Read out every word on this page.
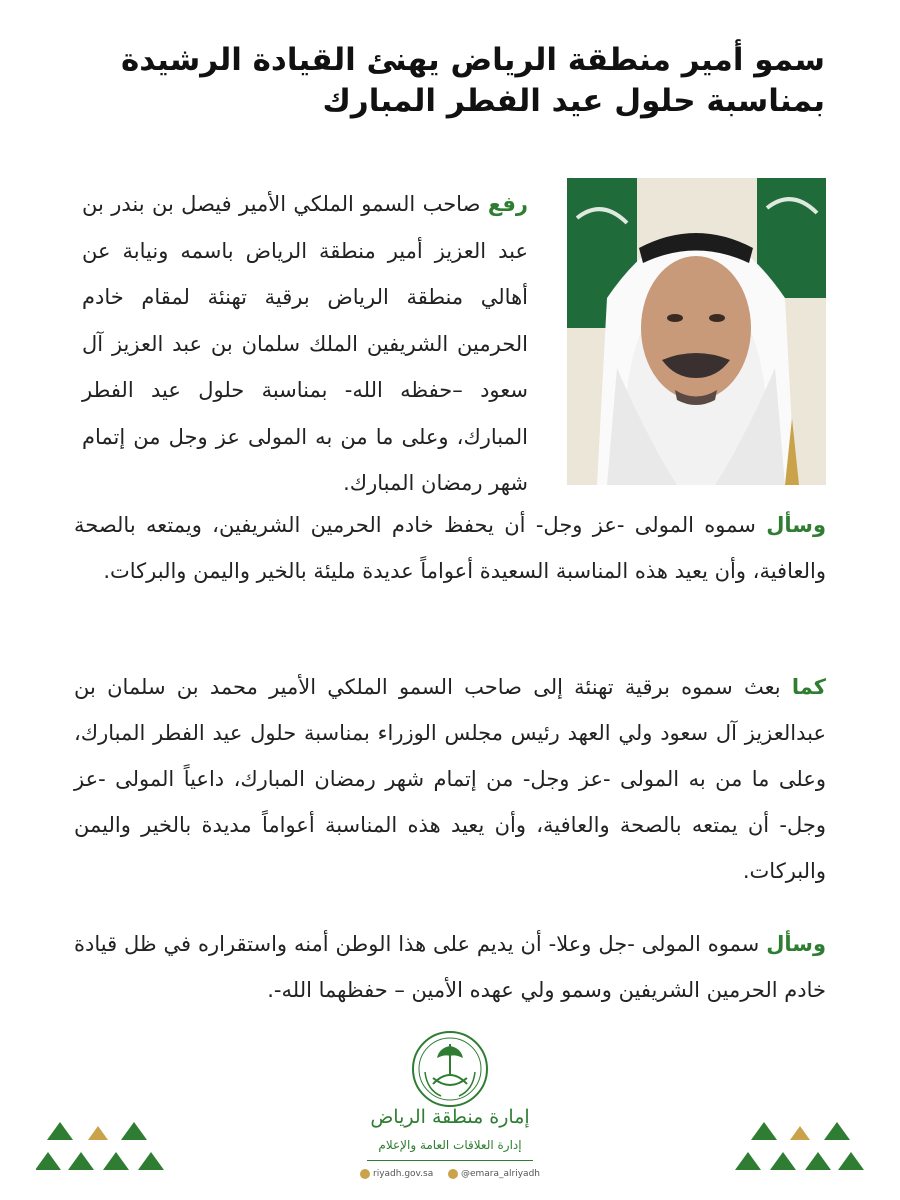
سمو أمير منطقة الرياض يهنئ القيادة الرشيدة بمناسبة حلول عيد الفطر المبارك

رفع صاحب السمو الملكي الأمير فيصل بن بندر بن عبد العزيز أمير منطقة الرياض باسمه ونيابة عن أهالي منطقة الرياض برقية تهنئة لمقام خادم الحرمين الشريفين الملك سلمان بن عبد العزيز آل سعود –حفظه الله- بمناسبة حلول عيد الفطر المبارك، وعلى ما من به المولى عز وجل من إتمام شهر رمضان المبارك.

وسأل سموه المولى -عز وجل- أن يحفظ خادم الحرمين الشريفين، ويمتعه بالصحة والعافية، وأن يعيد هذه المناسبة السعيدة أعواماً عديدة مليئة بالخير واليمن والبركات.

كما بعث سموه برقية تهنئة إلى صاحب السمو الملكي الأمير محمد بن سلمان بن عبدالعزيز آل سعود ولي العهد رئيس مجلس الوزراء بمناسبة حلول عيد الفطر المبارك، وعلى ما من به المولى -عز وجل- من إتمام شهر رمضان المبارك، داعياً المولى -عز وجل- أن يمتعه بالصحة والعافية، وأن يعيد هذه المناسبة أعواماً مديدة بالخير واليمن والبركات.

وسأل سموه المولى -جل وعلا- أن يديم على هذا الوطن أمنه واستقراره في ظل قيادة خادم الحرمين الشريفين وسمو ولي عهده الأمين – حفظهما الله-.

إمارة منطقة الرياض
إدارة العلاقات العامة والإعلام
riyadh.gov.sa	@emara_alriyadh
